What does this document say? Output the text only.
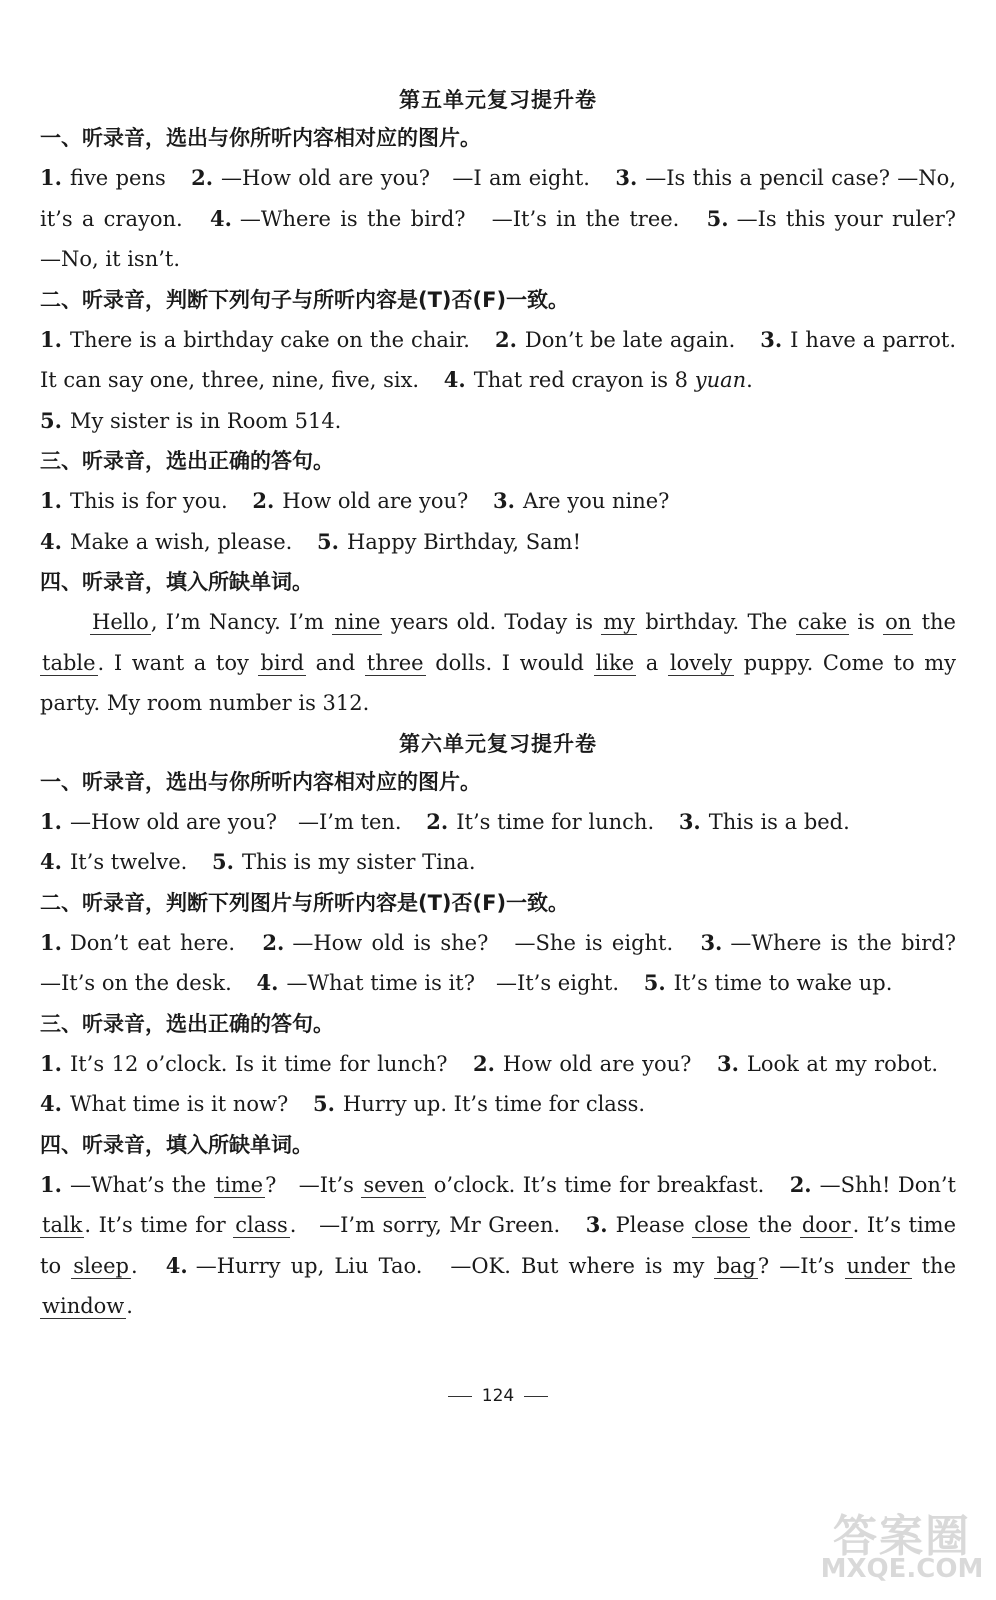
第五单元复习提升卷
一、听录音，选出与你所听内容相对应的图片。
1. five pens 2. —How old are you?　—I am eight. 3. —Is this a pencil case? —No, it’s a crayon. 4. —Where is the bird?　—It’s in the tree. 5. —Is this your ruler?　—No, it isn’t.
二、听录音，判断下列句子与所听内容是(T)否(F)一致。
1. There is a birthday cake on the chair. 2. Don’t be late again. 3. I have a parrot. It can say one, three, nine, five, six. 4. That red crayon is 8 yuan.
5. My sister is in Room 514.
三、听录音，选出正确的答句。
1. This is for you. 2. How old are you? 3. Are you nine?
4. Make a wish, please. 5. Happy Birthday, Sam!
四、听录音，填入所缺单词。
Hello, I’m Nancy. I’m nine years old. Today is my birthday. The cake is on the table. I want a toy bird and three dolls. I would like a lovely puppy. Come to my party. My room number is 312.
第六单元复习提升卷
一、听录音，选出与你所听内容相对应的图片。
1. —How old are you?　—I’m ten. 2. It’s time for lunch. 3. This is a bed.
4. It’s twelve. 5. This is my sister Tina.
二、听录音，判断下列图片与所听内容是(T)否(F)一致。
1. Don’t eat here. 2. —How old is she?　—She is eight. 3. —Where is the bird?　—It’s on the desk. 4. —What time is it?　—It’s eight. 5. It’s time to wake up.
三、听录音，选出正确的答句。
1. It’s 12 o’clock. Is it time for lunch? 2. How old are you? 3. Look at my robot. 4. What time is it now? 5. Hurry up. It’s time for class.
四、听录音，填入所缺单词。
1. —What’s the time?　—It’s seven o’clock. It’s time for breakfast. 2. —Shh! Don’t talk. It’s time for class.　—I’m sorry, Mr Green. 3. Please close the door. It’s time to sleep. 4. —Hurry up, Liu Tao.　—OK. But where is my bag? —It’s under the window.
124
答案圈
MXQE.COM
